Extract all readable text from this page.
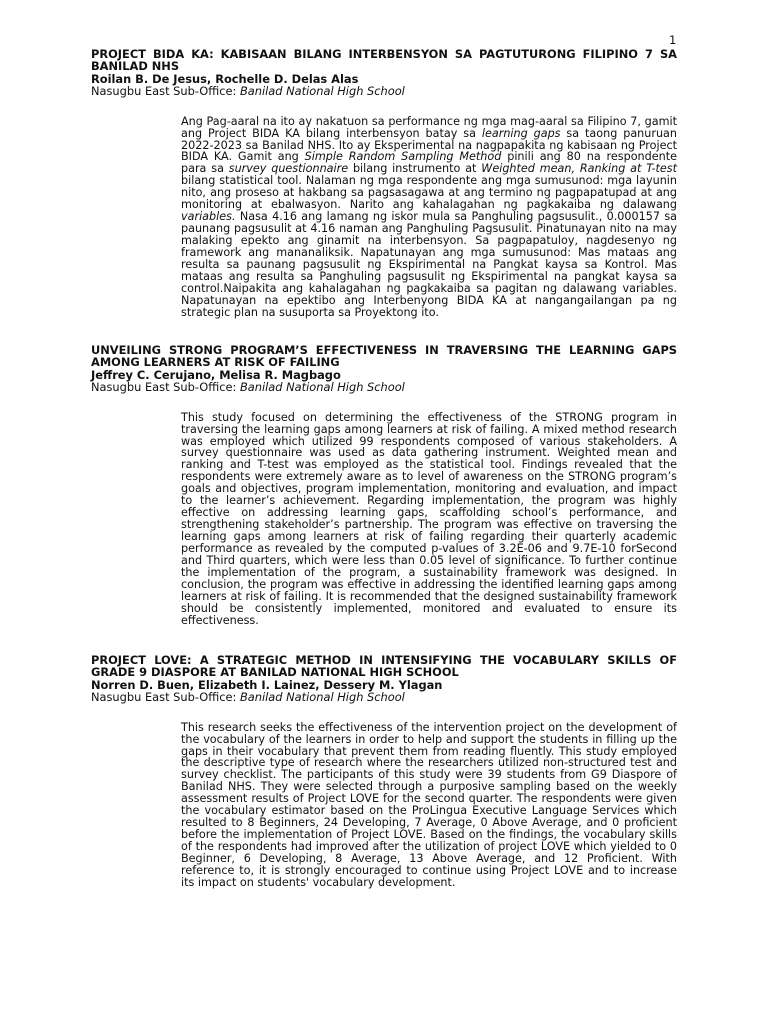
1

PROJECT BIDA KA: KABISAAN BILANG INTERBENSYON SA PAGTUTURONG FILIPINO 7 SA BANILAD NHS

Roilan B. De Jesus, Rochelle D. Delas Alas

Nasugbu East Sub-Office: Banilad National High School

Ang Pag-aaral na ito ay nakatuon sa performance ng mga mag-aaral sa Filipino 7, gamit ang Project BIDA KA bilang interbensyon batay sa learning gaps sa taong panuruan 2022-2023 sa Banilad NHS. Ito ay Eksperimental na nagpapakita ng kabisaan ng Project BIDA KA. Gamit ang Simple Random Sampling Method pinili ang 80 na respondente para sa survey questionnaire bilang instrumento at Weighted mean, Ranking at T-test bilang statistical tool. Nalaman ng mga respondente ang mga sumusunod: mga layunin nito, ang proseso at hakbang sa pagsasagawa at ang termino ng pagpapatupad at ang monitoring at ebalwasyon. Narito ang kahalagahan ng pagkakaiba ng dalawang variables. Nasa 4.16 ang lamang ng iskor mula sa Panghuling pagsusulit., 0.000157 sa paunang pagsusulit at 4.16 naman ang Panghuling Pagsusulit. Pinatunayan nito na may malaking epekto ang ginamit na interbensyon. Sa pagpapatuloy, nagdesenyo ng framework ang mananaliksik. Napatunayan ang mga sumusunod: Mas mataas ang resulta sa paunang pagsusulit ng Ekspirimental na Pangkat kaysa sa Kontrol. Mas mataas ang resulta sa Panghuling pagsusulit ng Ekspirimental na pangkat kaysa sa control.Naipakita ang kahalagahan ng pagkakaiba sa pagitan ng dalawang variables. Napatunayan na epektibo ang Interbenyong BIDA KA at nangangailangan pa ng strategic plan na susuporta sa Proyektong ito.

UNVEILING STRONG PROGRAM’S EFFECTIVENESS IN TRAVERSING THE LEARNING GAPS AMONG LEARNERS AT RISK OF FAILING

Jeffrey C. Cerujano, Melisa R. Magbago

Nasugbu East Sub-Office: Banilad National High School

This study focused on determining the effectiveness of the STRONG program in traversing the learning gaps among learners at risk of failing. A mixed method research was employed which utilized 99 respondents composed of various stakeholders. A survey questionnaire was used as data gathering instrument. Weighted mean and ranking and T-test was employed as the statistical tool. Findings revealed that the respondents were extremely aware as to level of awareness on the STRONG program’s goals and objectives, program implementation, monitoring and evaluation, and impact to the learner’s achievement. Regarding implementation, the program was highly effective on addressing learning gaps, scaffolding school’s performance, and strengthening stakeholder’s partnership. The program was effective on traversing the learning gaps among learners at risk of failing regarding their quarterly academic performance as revealed by the computed p-values of 3.2E-06 and 9.7E-10 forSecond and Third quarters, which were less than 0.05 level of significance. To further continue the implementation of the program, a sustainability framework was designed. In conclusion, the program was effective in addressing the identified learning gaps among learners at risk of failing. It is recommended that the designed sustainability framework should be consistently implemented, monitored and evaluated to ensure its effectiveness.

PROJECT LOVE: A STRATEGIC METHOD IN INTENSIFYING THE VOCABULARY SKILLS OF GRADE 9 DIASPORE AT BANILAD NATIONAL HIGH SCHOOL

Norren D. Buen, Elizabeth I. Lainez, Dessery M. Ylagan

Nasugbu East Sub-Office: Banilad National High School

This research seeks the effectiveness of the intervention project on the development of the vocabulary of the learners in order to help and support the students in filling up the gaps in their vocabulary that prevent them from reading fluently. This study employed the descriptive type of research where the researchers utilized non-structured test and survey checklist. The participants of this study were 39 students from G9 Diaspore of Banilad NHS. They were selected through a purposive sampling based on the weekly assessment results of Project LOVE for the second quarter. The respondents were given the vocabulary estimator based on the ProLingua Executive Language Services which resulted to 8 Beginners, 24 Developing, 7 Average, 0 Above Average, and 0 proficient before the implementation of Project LOVE. Based on the findings, the vocabulary skills of the respondents had improved after the utilization of project LOVE which yielded to 0 Beginner, 6 Developing, 8 Average, 13 Above Average, and 12 Proficient. With reference to, it is strongly encouraged to continue using Project LOVE and to increase its impact on students' vocabulary development.
